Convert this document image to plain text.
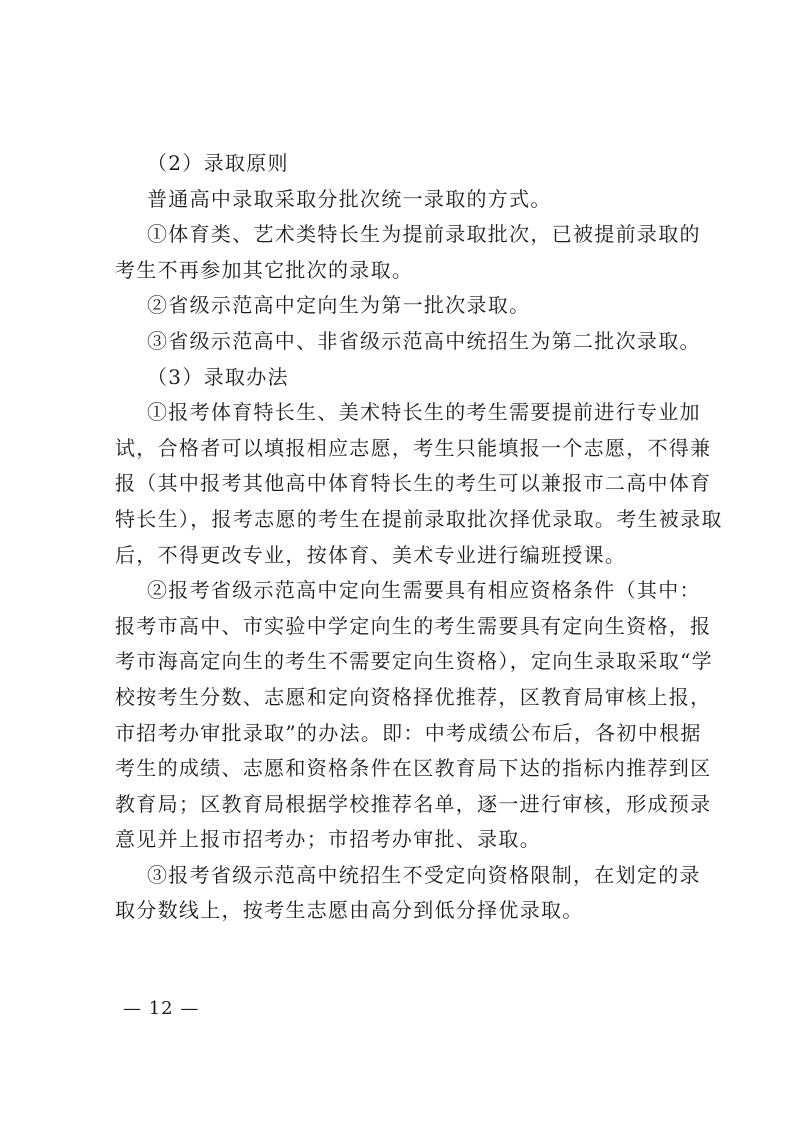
（2）录取原则
普通高中录取采取分批次统一录取的方式。
①体育类、艺术类特长生为提前录取批次，已被提前录取的
考生不再参加其它批次的录取。
②省级示范高中定向生为第一批次录取。
③省级示范高中、非省级示范高中统招生为第二批次录取。
（3）录取办法
①报考体育特长生、美术特长生的考生需要提前进行专业加
试，合格者可以填报相应志愿，考生只能填报一个志愿，不得兼
报（其中报考其他高中体育特长生的考生可以兼报市二高中体育
特长生），报考志愿的考生在提前录取批次择优录取。考生被录取
后，不得更改专业，按体育、美术专业进行编班授课。
②报考省级示范高中定向生需要具有相应资格条件（其中：
报考市高中、市实验中学定向生的考生需要具有定向生资格，报
考市海高定向生的考生不需要定向生资格），定向生录取采取“学
校按考生分数、志愿和定向资格择优推荐，区教育局审核上报，
市招考办审批录取”的办法。即：中考成绩公布后，各初中根据
考生的成绩、志愿和资格条件在区教育局下达的指标内推荐到区
教育局；区教育局根据学校推荐名单，逐一进行审核，形成预录
意见并上报市招考办；市招考办审批、录取。
③报考省级示范高中统招生不受定向资格限制，在划定的录
取分数线上，按考生志愿由高分到低分择优录取。
— 12 —
